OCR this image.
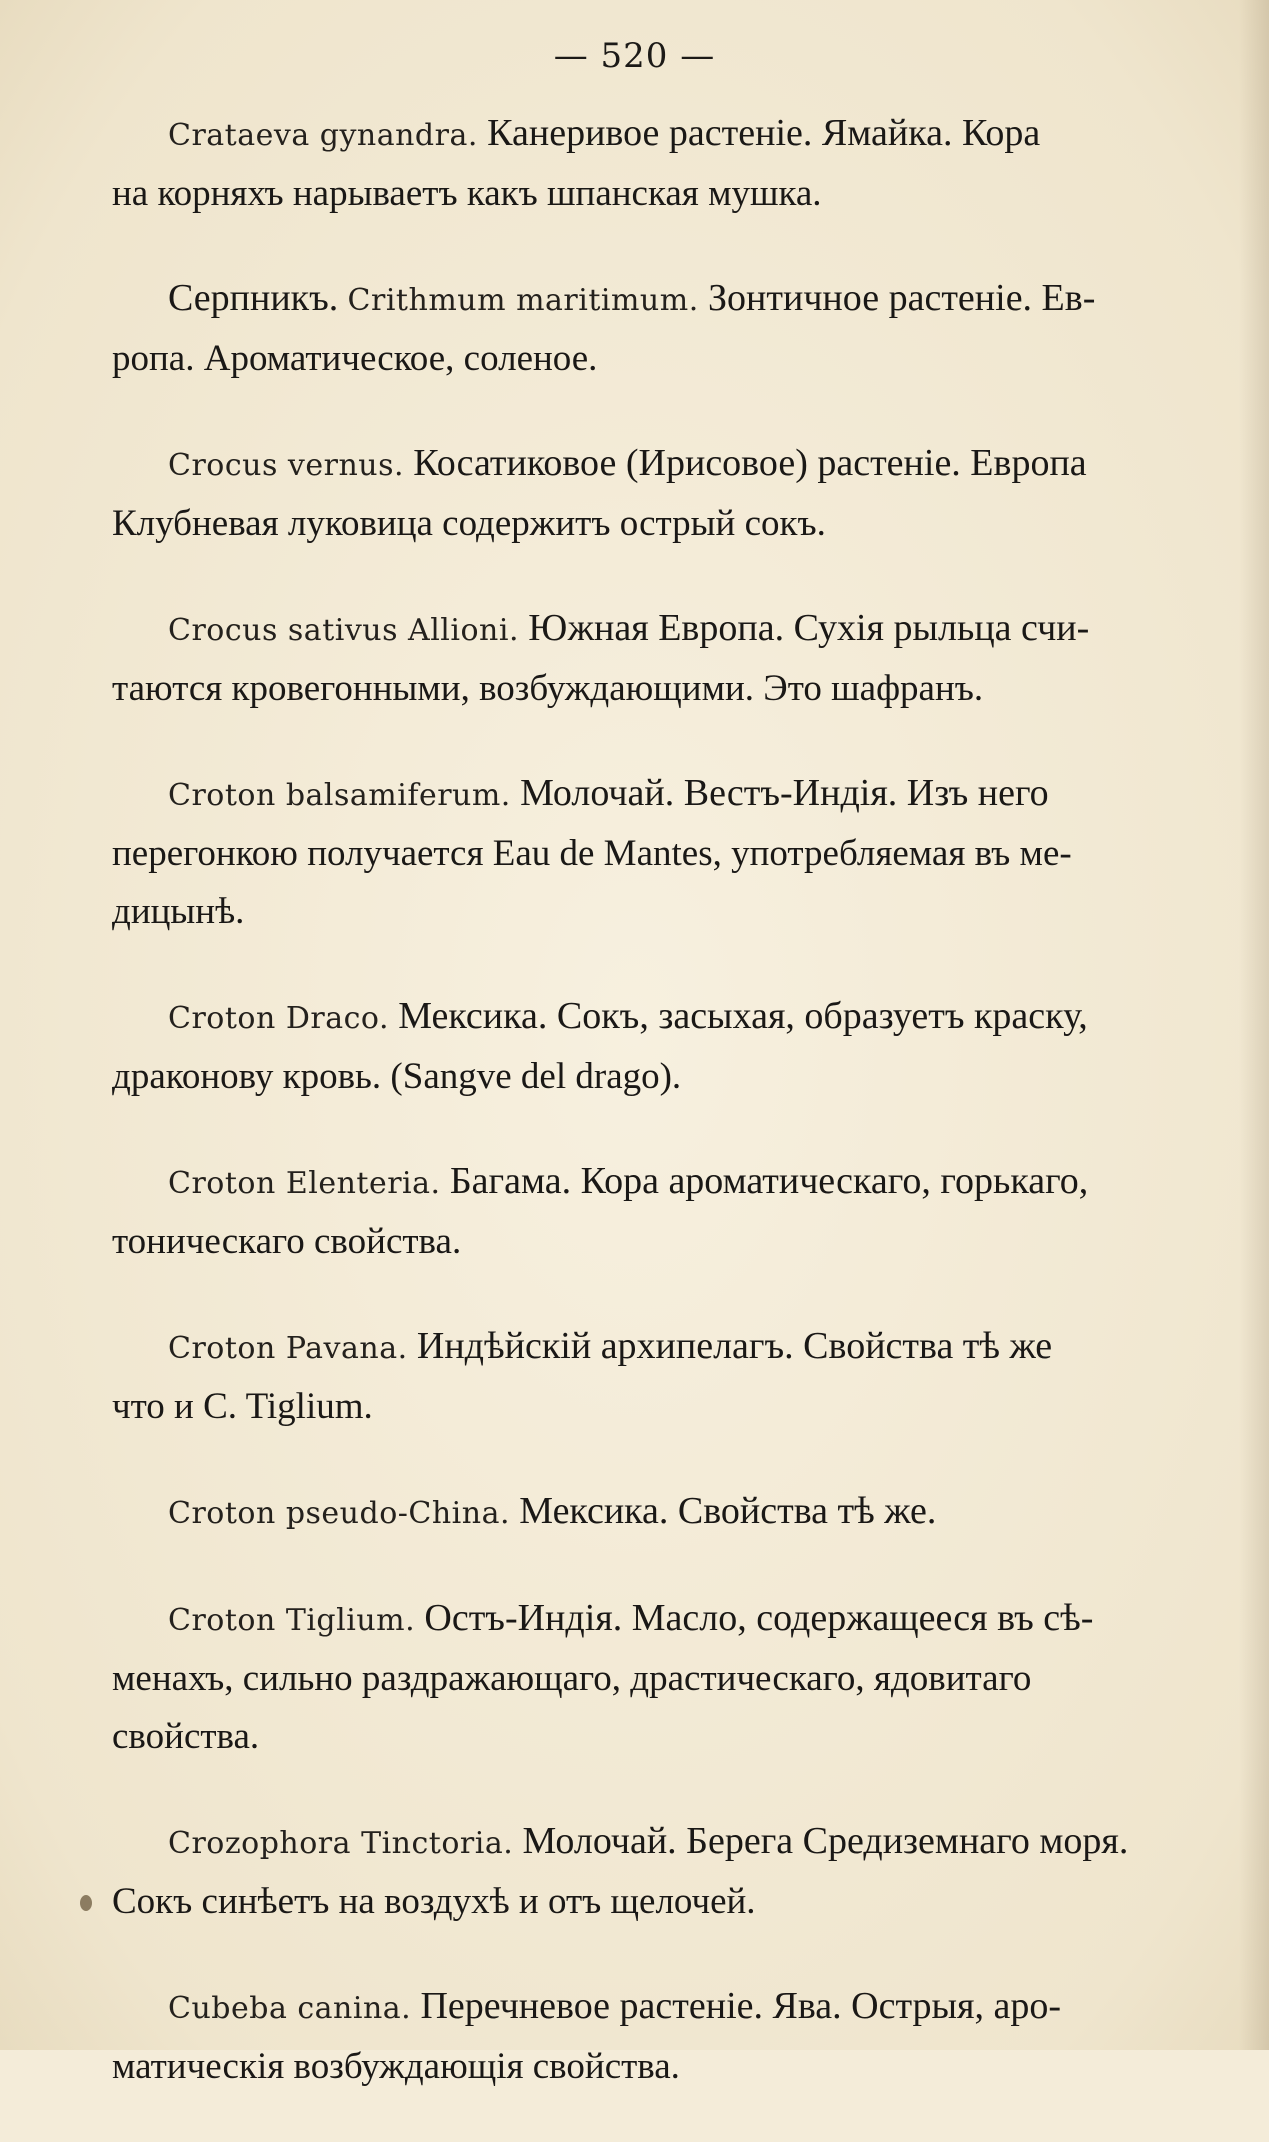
— 520 —
Cratаeva gynandra. Канеривое растеніе. Ямайка. Кора
на корняхъ нарываетъ какъ шпанская мушка.
Серпникъ. Crithmum maritimum. Зонтичное растеніе. Ев-
ропа. Ароматическое, соленое.
Crocus vernus. Косатиковое (Ирисовое) растеніе. Европа
Клубневая луковица содержитъ острый сокъ.
Crocus sativus Allioni. Южная Европа. Сухія рыльца счи-
таются кровегонными, возбуждающими. Это шафранъ.
Croton balsamiferum. Молочай. Вестъ-Индія. Изъ него
перегонкою получается Eau de Mantes, употребляемая въ ме-
дицынѣ.
Croton Draco. Мексика. Сокъ, засыхая, образуетъ краску,
драконову кровь. (Sangve del drago).
Croton Elenteria. Багама. Кора ароматическаго, горькаго,
тоническаго свойства.
Croton Pavana. Индѣйскій архипелагъ. Свойства тѣ же
что и C. Tiglium.
Croton pseudo-China. Мексика. Свойства тѣ же.
Croton Tiglium. Остъ-Индія. Масло, содержащееся въ сѣ-
менахъ, сильно раздражающаго, драстическаго, ядовитаго
свойства.
Crozophora Tinctoria. Молочай. Берега Средиземнаго моря.
Сокъ синѣетъ на воздухѣ и отъ щелочей.
Cubeba canina. Перечневое растеніе. Ява. Острыя, аро-
матическія возбуждающія свойства.
